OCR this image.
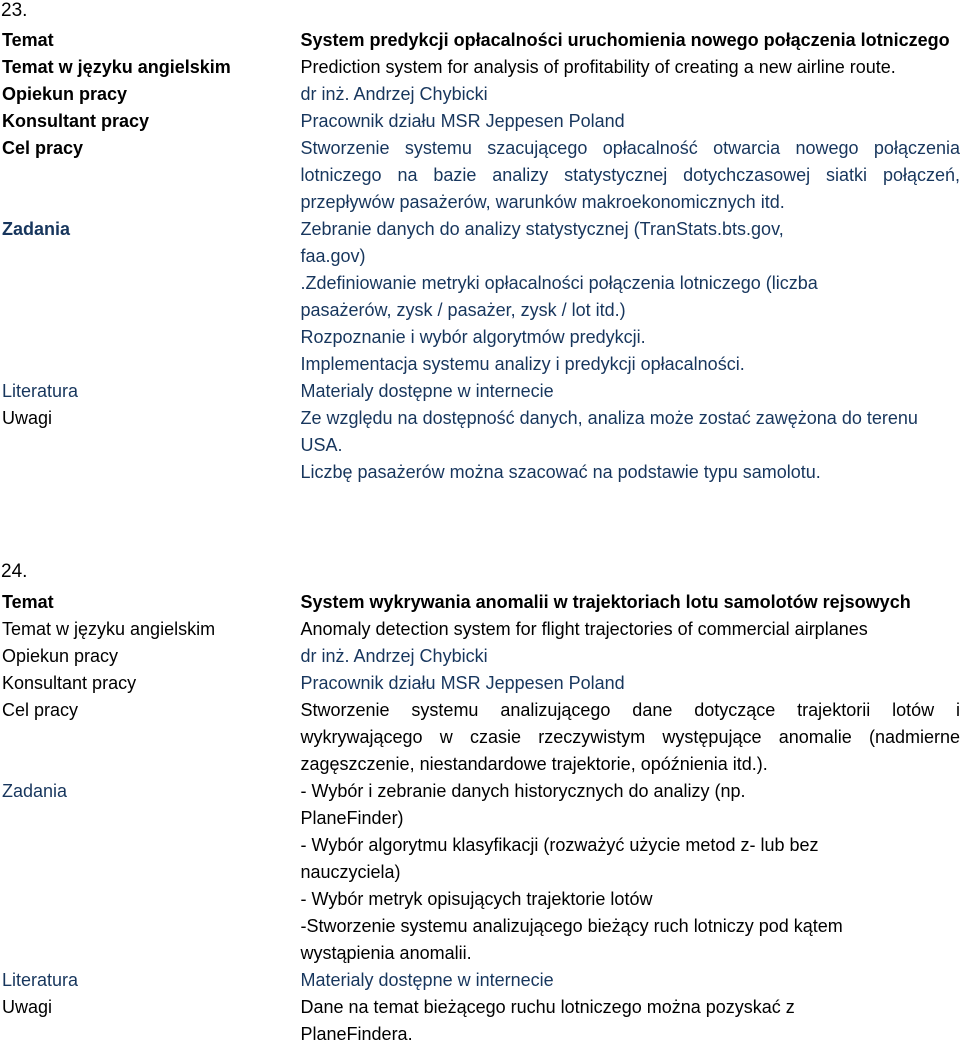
23.
Temat	System predykcji opłacalności uruchomienia nowego połączenia lotniczego
Temat w języku angielskim	Prediction system for analysis of profitability of creating a new airline route.
Opiekun pracy	dr inż. Andrzej Chybicki
Konsultant pracy	Pracownik działu MSR Jeppesen Poland
Cel pracy	Stworzenie systemu szacującego opłacalność otwarcia nowego połączenia lotniczego na bazie analizy statystycznej dotychczasowej siatki połączeń, przepływów pasażerów, warunków makroekonomicznych itd.
Zadania	Zebranie danych do analizy statystycznej (TranStats.bts.gov, faa.gov)
.Zdefiniowanie metryki opłacalności połączenia lotniczego (liczba pasażerów, zysk / pasażer, zysk / lot itd.)
Rozpoznanie i wybór algorytmów predykcji.
Implementacja systemu analizy i predykcji opłacalności.

Literatura	Materialy dostępne w internecie
Uwagi	Ze względu na dostępność danych, analiza może zostać zawężona do terenu USA.
Liczbę pasażerów można szacować na podstawie typu samolotu.
24.
Temat	System wykrywania anomalii w trajektoriach lotu samolotów rejsowych
Temat w języku angielskim	Anomaly detection system for flight trajectories of commercial airplanes
Opiekun pracy	dr inż. Andrzej Chybicki
Konsultant pracy	Pracownik działu MSR Jeppesen Poland
Cel pracy	Stworzenie systemu analizującego dane dotyczące trajektorii lotów i wykrywającego w czasie rzeczywistym występujące anomalie (nadmierne zagęszczenie, niestandardowe trajektorie, opóźnienia itd.).
Zadania	- Wybór i zebranie danych historycznych do analizy (np. PlaneFinder)
- Wybór algorytmu klasyfikacji (rozważyć użycie metod z- lub bez nauczyciela)
- Wybór metryk opisujących trajektorie lotów
-Stworzenie systemu analizującego bieżący ruch lotniczy pod kątem wystąpienia anomalii.

Literatura	Materialy dostępne w internecie
Uwagi	Dane na temat bieżącego ruchu lotniczego można pozyskać z PlaneFindera.
